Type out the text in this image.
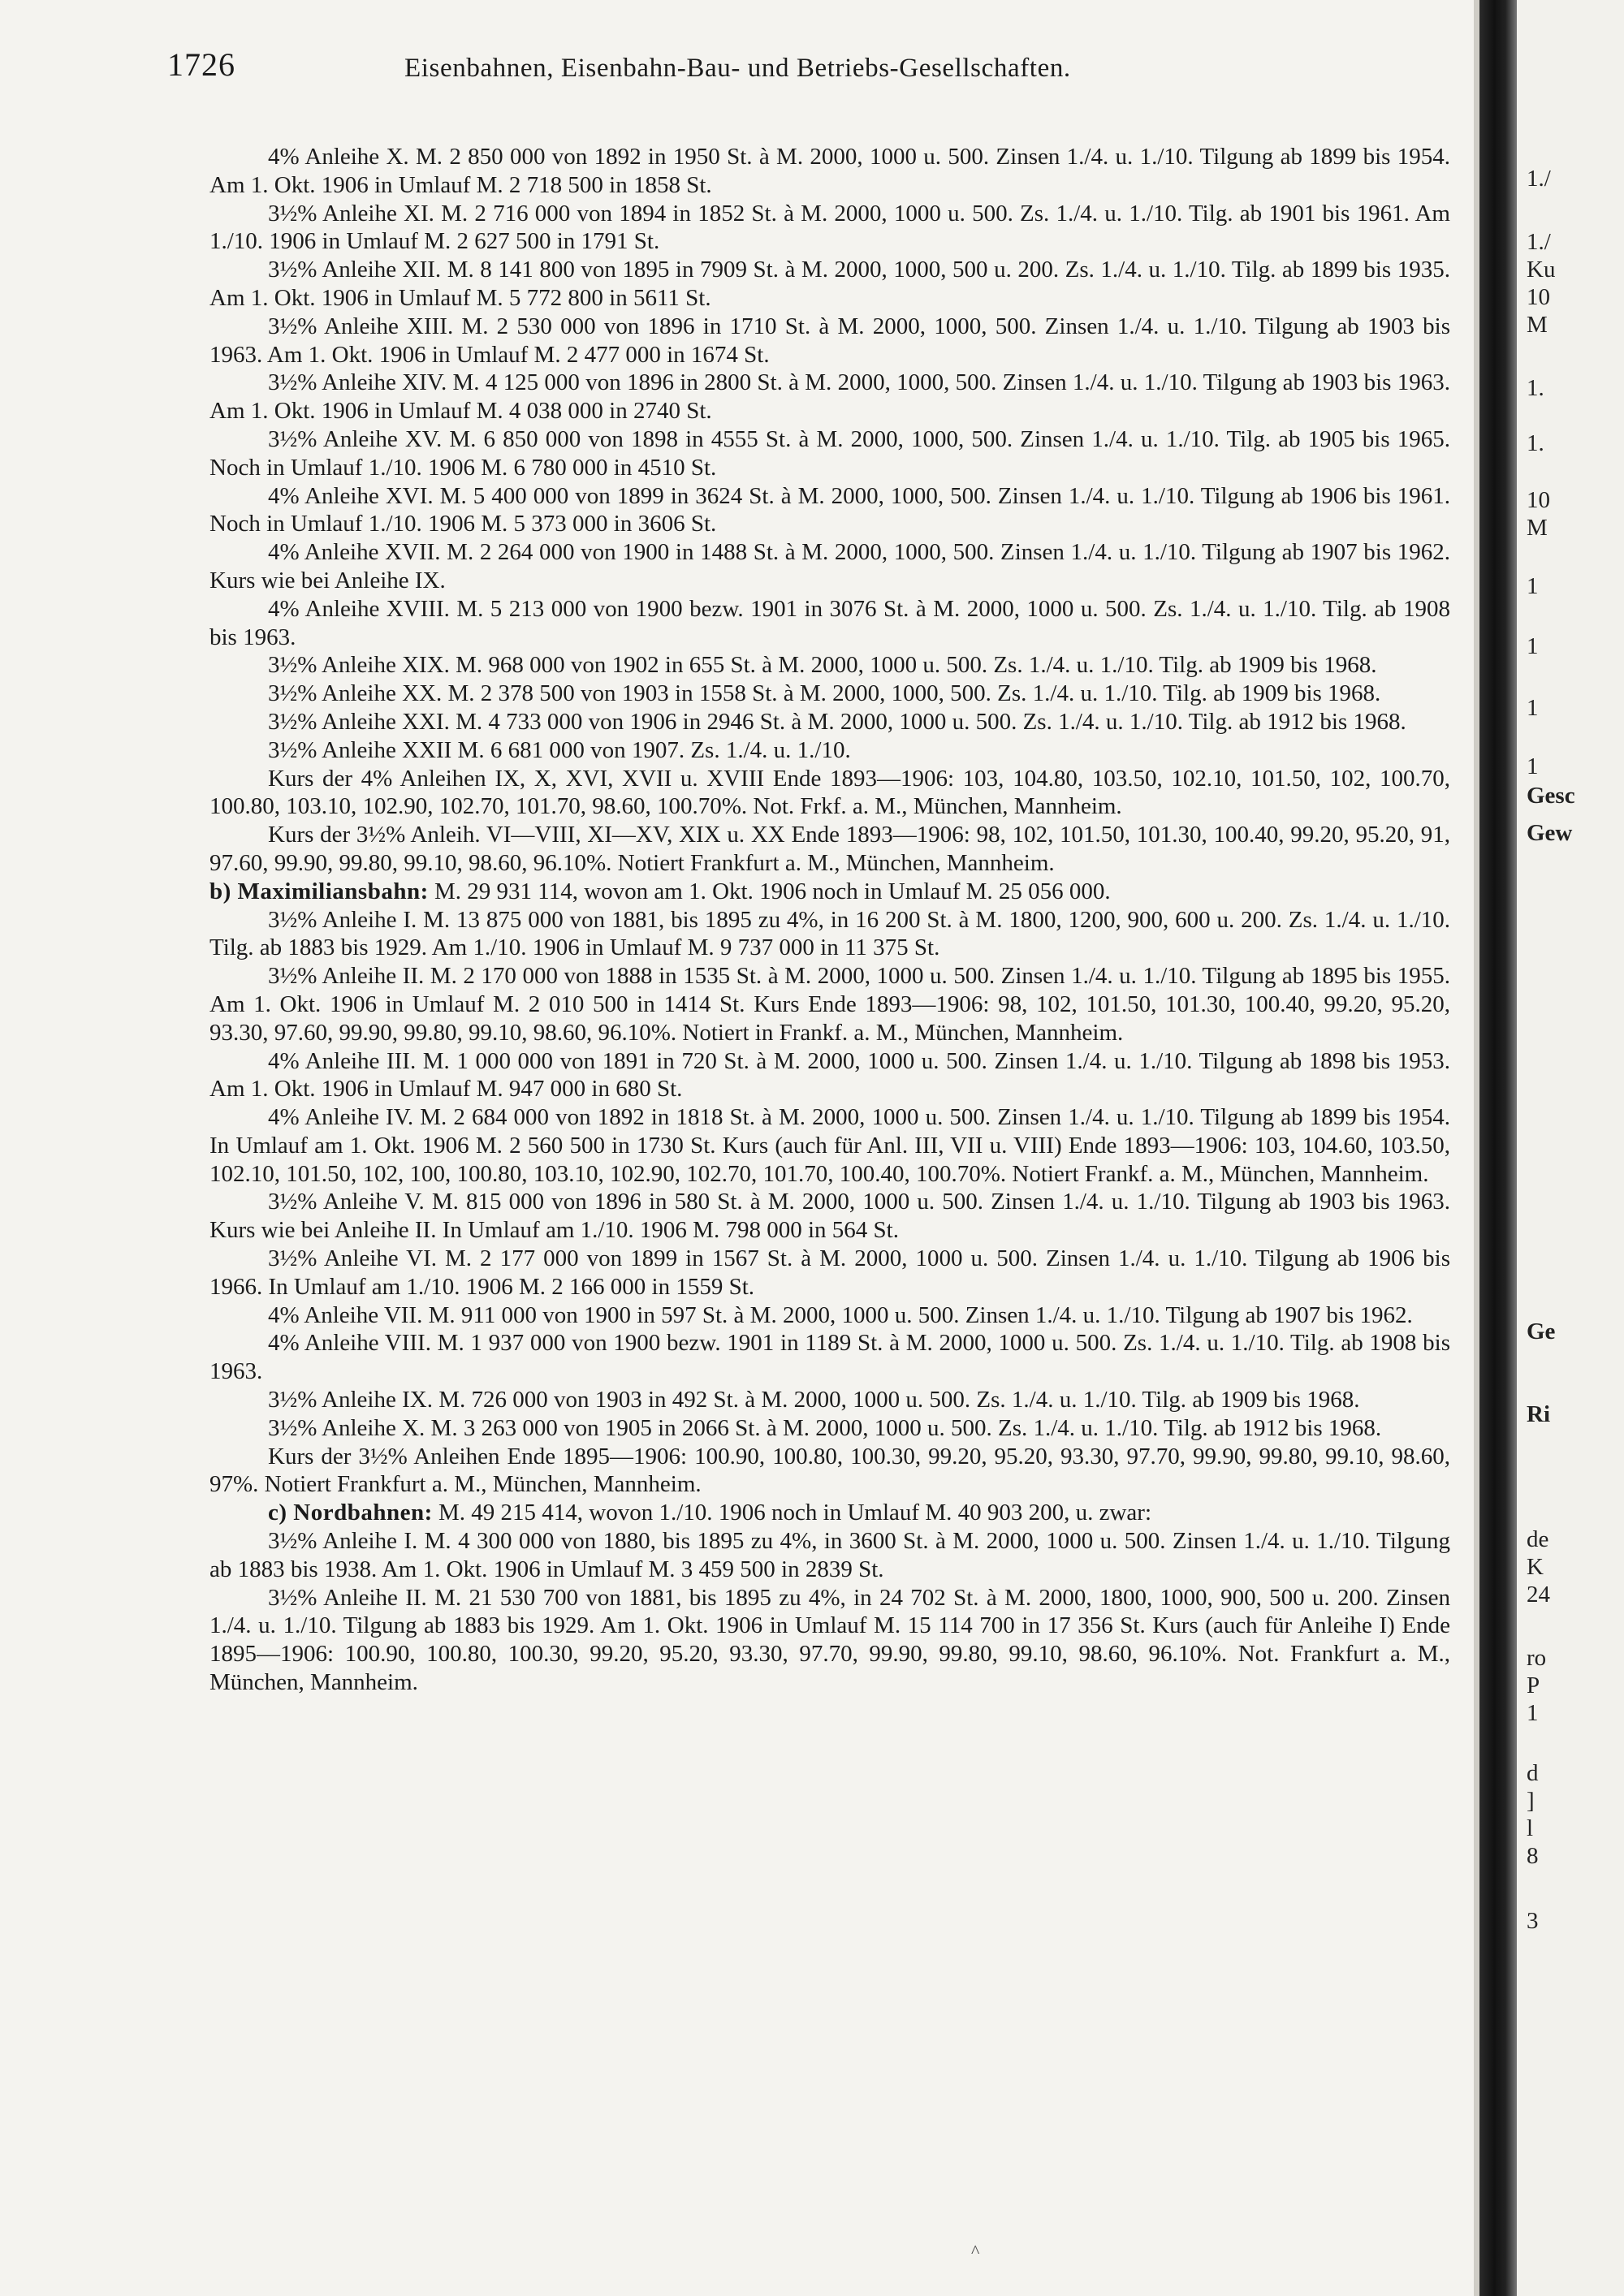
1726	Eisenbahnen, Eisenbahn-Bau- und Betriebs-Gesellschaften.

4% Anleihe X. M. 2 850 000 von 1892 in 1950 St. à M. 2000, 1000 u. 500. Zinsen 1./4. u. 1./10. Tilgung ab 1899 bis 1954. Am 1. Okt. 1906 in Umlauf M. 2 718 500 in 1858 St.

3½% Anleihe XI. M. 2 716 000 von 1894 in 1852 St. à M. 2000, 1000 u. 500. Zs. 1./4. u. 1./10. Tilg. ab 1901 bis 1961. Am 1./10. 1906 in Umlauf M. 2 627 500 in 1791 St.

3½% Anleihe XII. M. 8 141 800 von 1895 in 7909 St. à M. 2000, 1000, 500 u. 200. Zs. 1./4. u. 1./10. Tilg. ab 1899 bis 1935. Am 1. Okt. 1906 in Umlauf M. 5 772 800 in 5611 St.

3½% Anleihe XIII. M. 2 530 000 von 1896 in 1710 St. à M. 2000, 1000, 500. Zinsen 1./4. u. 1./10. Tilgung ab 1903 bis 1963. Am 1. Okt. 1906 in Umlauf M. 2 477 000 in 1674 St.

3½% Anleihe XIV. M. 4 125 000 von 1896 in 2800 St. à M. 2000, 1000, 500. Zinsen 1./4. u. 1./10. Tilgung ab 1903 bis 1963. Am 1. Okt. 1906 in Umlauf M. 4 038 000 in 2740 St.

3½% Anleihe XV. M. 6 850 000 von 1898 in 4555 St. à M. 2000, 1000, 500. Zinsen 1./4. u. 1./10. Tilg. ab 1905 bis 1965. Noch in Umlauf 1./10. 1906 M. 6 780 000 in 4510 St.

4% Anleihe XVI. M. 5 400 000 von 1899 in 3624 St. à M. 2000, 1000, 500. Zinsen 1./4. u. 1./10. Tilgung ab 1906 bis 1961. Noch in Umlauf 1./10. 1906 M. 5 373 000 in 3606 St.

4% Anleihe XVII. M. 2 264 000 von 1900 in 1488 St. à M. 2000, 1000, 500. Zinsen 1./4. u. 1./10. Tilgung ab 1907 bis 1962. Kurs wie bei Anleihe IX.

4% Anleihe XVIII. M. 5 213 000 von 1900 bezw. 1901 in 3076 St. à M. 2000, 1000 u. 500. Zs. 1./4. u. 1./10. Tilg. ab 1908 bis 1963.

3½% Anleihe XIX. M. 968 000 von 1902 in 655 St. à M. 2000, 1000 u. 500. Zs. 1./4. u. 1./10. Tilg. ab 1909 bis 1968.

3½% Anleihe XX. M. 2 378 500 von 1903 in 1558 St. à M. 2000, 1000, 500. Zs. 1./4. u. 1./10. Tilg. ab 1909 bis 1968.

3½% Anleihe XXI. M. 4 733 000 von 1906 in 2946 St. à M. 2000, 1000 u. 500. Zs. 1./4. u. 1./10. Tilg. ab 1912 bis 1968.

3½% Anleihe XXII M. 6 681 000 von 1907. Zs. 1./4. u. 1./10.

Kurs der 4% Anleihen IX, X, XVI, XVII u. XVIII Ende 1893—1906: 103, 104.80, 103.50, 102.10, 101.50, 102, 100.70, 100.80, 103.10, 102.90, 102.70, 101.70, 98.60, 100.70%. Not. Frkf. a. M., München, Mannheim.

Kurs der 3½% Anleih. VI—VIII, XI—XV, XIX u. XX Ende 1893—1906: 98, 102, 101.50, 101.30, 100.40, 99.20, 95.20, 91, 97.60, 99.90, 99.80, 99.10, 98.60, 96.10%. Notiert Frankfurt a. M., München, Mannheim.

b) Maximiliansbahn: M. 29 931 114, wovon am 1. Okt. 1906 noch in Umlauf M. 25 056 000.

3½% Anleihe I. M. 13 875 000 von 1881, bis 1895 zu 4%, in 16 200 St. à M. 1800, 1200, 900, 600 u. 200. Zs. 1./4. u. 1./10. Tilg. ab 1883 bis 1929. Am 1./10. 1906 in Umlauf M. 9 737 000 in 11 375 St.

3½% Anleihe II. M. 2 170 000 von 1888 in 1535 St. à M. 2000, 1000 u. 500. Zinsen 1./4. u. 1./10. Tilgung ab 1895 bis 1955. Am 1. Okt. 1906 in Umlauf M. 2 010 500 in 1414 St. Kurs Ende 1893—1906: 98, 102, 101.50, 101.30, 100.40, 99.20, 95.20, 93.30, 97.60, 99.90, 99.80, 99.10, 98.60, 96.10%. Notiert in Frankf. a. M., München, Mannheim.

4% Anleihe III. M. 1 000 000 von 1891 in 720 St. à M. 2000, 1000 u. 500. Zinsen 1./4. u. 1./10. Tilgung ab 1898 bis 1953. Am 1. Okt. 1906 in Umlauf M. 947 000 in 680 St.

4% Anleihe IV. M. 2 684 000 von 1892 in 1818 St. à M. 2000, 1000 u. 500. Zinsen 1./4. u. 1./10. Tilgung ab 1899 bis 1954. In Umlauf am 1. Okt. 1906 M. 2 560 500 in 1730 St. Kurs (auch für Anl. III, VII u. VIII) Ende 1893—1906: 103, 104.60, 103.50, 102.10, 101.50, 102, 100, 100.80, 103.10, 102.90, 102.70, 101.70, 100.40, 100.70%. Notiert Frankf. a. M., München, Mannheim.

3½% Anleihe V. M. 815 000 von 1896 in 580 St. à M. 2000, 1000 u. 500. Zinsen 1./4. u. 1./10. Tilgung ab 1903 bis 1963. Kurs wie bei Anleihe II. In Umlauf am 1./10. 1906 M. 798 000 in 564 St.

3½% Anleihe VI. M. 2 177 000 von 1899 in 1567 St. à M. 2000, 1000 u. 500. Zinsen 1./4. u. 1./10. Tilgung ab 1906 bis 1966. In Umlauf am 1./10. 1906 M. 2 166 000 in 1559 St.

4% Anleihe VII. M. 911 000 von 1900 in 597 St. à M. 2000, 1000 u. 500. Zinsen 1./4. u. 1./10. Tilgung ab 1907 bis 1962.

4% Anleihe VIII. M. 1 937 000 von 1900 bezw. 1901 in 1189 St. à M. 2000, 1000 u. 500. Zs. 1./4. u. 1./10. Tilg. ab 1908 bis 1963.

3½% Anleihe IX. M. 726 000 von 1903 in 492 St. à M. 2000, 1000 u. 500. Zs. 1./4. u. 1./10. Tilg. ab 1909 bis 1968.

3½% Anleihe X. M. 3 263 000 von 1905 in 2066 St. à M. 2000, 1000 u. 500. Zs. 1./4. u. 1./10. Tilg. ab 1912 bis 1968.

Kurs der 3½% Anleihen Ende 1895—1906: 100.90, 100.80, 100.30, 99.20, 95.20, 93.30, 97.70, 99.90, 99.80, 99.10, 98.60, 97%. Notiert Frankfurt a. M., München, Mannheim.

c) Nordbahnen: M. 49 215 414, wovon 1./10. 1906 noch in Umlauf M. 40 903 200, u. zwar:

3½% Anleihe I. M. 4 300 000 von 1880, bis 1895 zu 4%, in 3600 St. à M. 2000, 1000 u. 500. Zinsen 1./4. u. 1./10. Tilgung ab 1883 bis 1938. Am 1. Okt. 1906 in Umlauf M. 3 459 500 in 2839 St.

3½% Anleihe II. M. 21 530 700 von 1881, bis 1895 zu 4%, in 24 702 St. à M. 2000, 1800, 1000, 900, 500 u. 200. Zinsen 1./4. u. 1./10. Tilgung ab 1883 bis 1929. Am 1. Okt. 1906 in Umlauf M. 15 114 700 in 17 356 St. Kurs (auch für Anleihe I) Ende 1895—1906: 100.90, 100.80, 100.30, 99.20, 95.20, 93.30, 97.70, 99.90, 99.80, 99.10, 98.60, 96.10%. Not. Frankfurt a. M., München, Mannheim.

1./
1./
Ku
10
M
1.
1.
10
M
1
1
1
1
Gesc
Gew
Ge
Ri
de
K
24
ro
P
1
d
]
l
8
3
^
